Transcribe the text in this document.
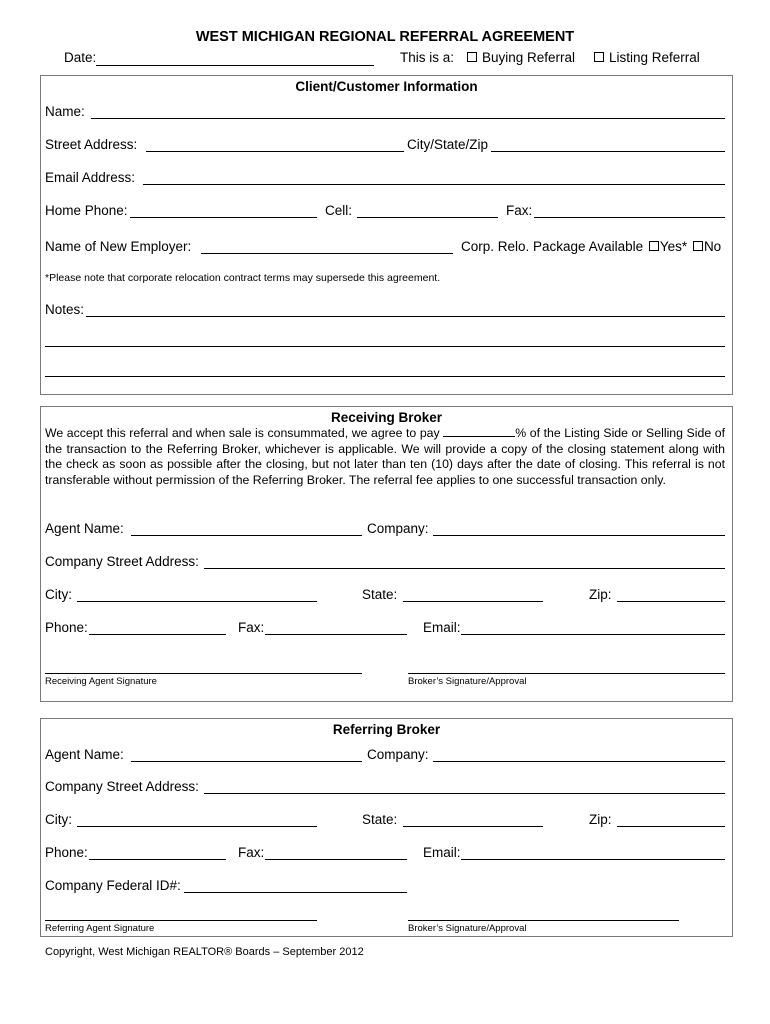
WEST MICHIGAN REGIONAL REFERRAL AGREEMENT
Date:	This is a:	Buying Referral	Listing Referral
Client/Customer Information
Name:
Street Address:	City/State/Zip
Email Address:
Home Phone:	Cell:	Fax:
Name of New Employer:	Corp. Relo. Package Available Yes* No
*Please note that corporate relocation contract terms may supersede this agreement.
Notes:
Receiving Broker
We accept this referral and when sale is consummated, we agree to pay	% of the Listing Side or Selling Side of the transaction to the Referring Broker, whichever is applicable. We will provide a copy of the closing statement along with the check as soon as possible after the closing, but not later than ten (10) days after the date of closing. This referral is not transferable without permission of the Referring Broker. The referral fee applies to one successful transaction only.
Agent Name:	Company:
Company Street Address:
City:	State:	Zip:
Phone:	Fax:	Email:
Receiving Agent Signature	Broker’s Signature/Approval
Referring Broker
Agent Name:	Company:
Company Street Address:
City:	State:	Zip:
Phone:	Fax:	Email:
Company Federal ID#:
Referring Agent Signature	Broker’s Signature/Approval
Copyright, West Michigan REALTOR® Boards – September 2012
